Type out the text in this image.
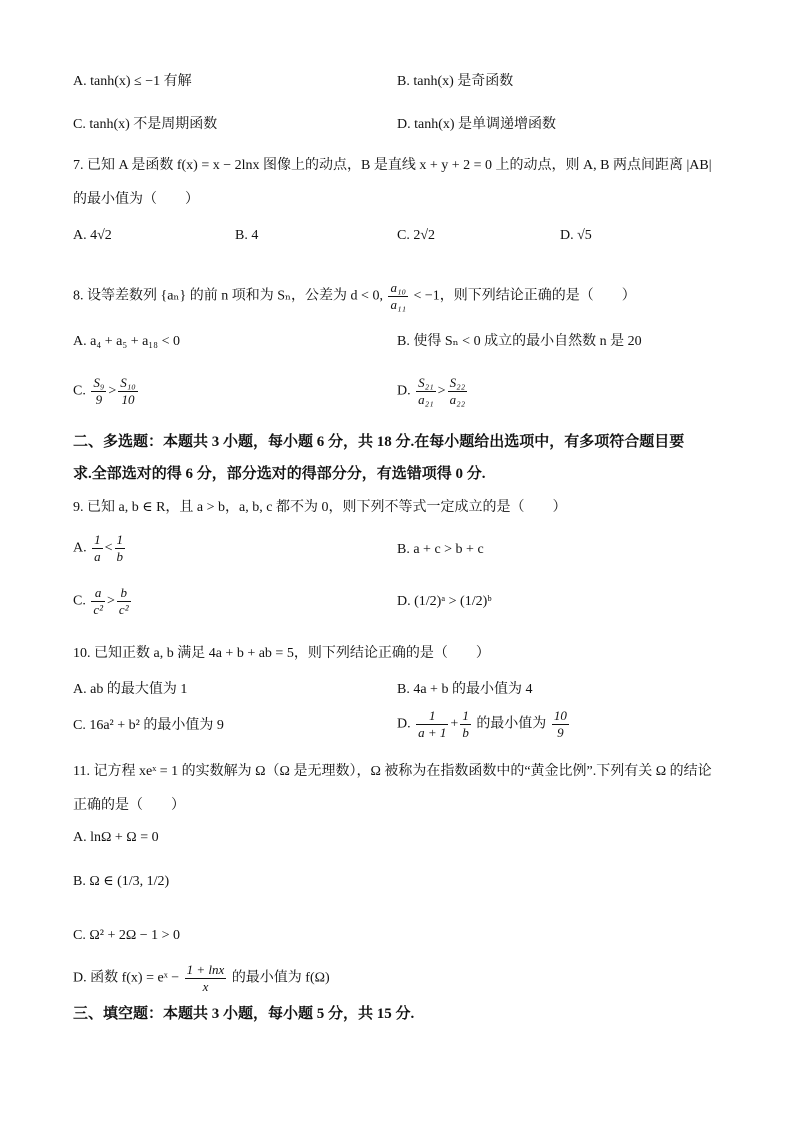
A. tanh(x) ≤ −1 有解	B. tanh(x) 是奇函数
C. tanh(x) 不是周期函数	D. tanh(x) 是单调递增函数
7. 已知 A 是函数 f(x) = x − 2lnx 图像上的动点，B 是直线 x + y + 2 = 0 上的动点，则 A, B 两点间距离 |AB|
的最小值为（　　）
A. 4√2	B. 4	C. 2√2	D. √5
8. 设等差数列 {aₙ} 的前 n 项和为 Sₙ，公差为 d < 0, $\frac{\text{a₁₀}}{\text{a₁₁}} < -1$，则下列结论正确的是（　　）
A. a₄ + a₅ + a₁₈ < 0	B. 使得 Sₙ < 0 成立的最小自然数 n 是 20
C. $\frac{\text{S₉}}{9} > \frac{\text{S₁₀}}{10}$	D. $\frac{\text{S₂₁}}{\text{a₂₁}} > \frac{\text{S₂₂}}{\text{a₂₂}}$
二、多选题：本题共 3 小题，每小题 6 分，共 18 分.在每小题给出选项中，有多项符合题目要
求.全部选对的得 6 分，部分选对的得部分分，有选错项得 0 分.
9. 已知 a, b ∈ R，且 a > b，a, b, c 都不为 0，则下列不等式一定成立的是（　　）
A. $\frac{1}{a} < \frac{1}{b}$	B. a + c > b + c
C. $\frac{a}{\text{c²}} > \frac{b}{\text{c²}}$	D. (1/2)ᵃ > (1/2)ᵇ
10. 已知正数 a, b 满足 4a + b + ab = 5，则下列结论正确的是（　　）
A. ab 的最大值为 1	B. 4a + b 的最小值为 4
C. 16a² + b² 的最小值为 9	D. $\frac{1}{a + 1} + \frac{1}{b}$ 的最小值为 $\frac{10}{9}$
11. 记方程 xeˣ = 1 的实数解为 Ω（Ω 是无理数），Ω 被称为在指数函数中的“黄金比例”.下列有关 Ω 的结论
正确的是（　　）
A. lnΩ + Ω = 0
B. Ω ∈ (1/3, 1/2)
C. Ω² + 2Ω − 1 > 0
D. 函数 f(x) = eˣ − $\frac{1 + \ln x}{x}$ 的最小值为 f(Ω)
三、填空题：本题共 3 小题，每小题 5 分，共 15 分.
